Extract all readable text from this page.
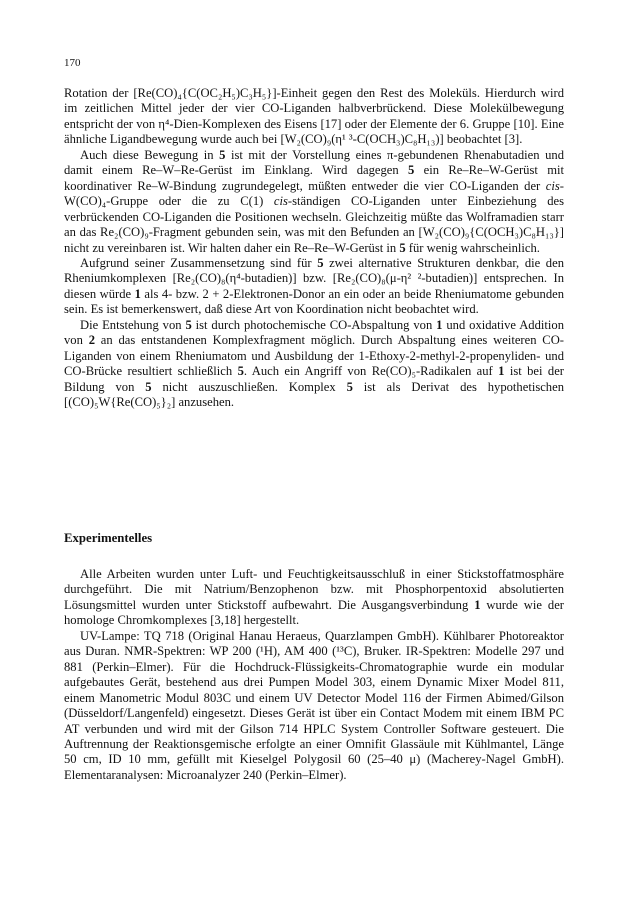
170

Rotation der [Re(CO)₄{C(OC₂H₅)C₃H₅}]-Einheit gegen den Rest des Moleküls. Hierdurch wird im zeitlichen Mittel jeder der vier CO-Liganden halbverbrückend. Diese Molekülbewegung entspricht der von η⁴-Dien-Komplexen des Eisens [17] oder der Elemente der 6. Gruppe [10]. Eine ähnliche Ligandbewegung wurde auch bei [W₂(CO)₉(η¹ ³-C(OCH₃)C₈H₁₃)] beobachtet [3].

Auch diese Bewegung in 5 ist mit der Vorstellung eines π-gebundenen Rhenabutadien und damit einem Re–W–Re-Gerüst im Einklang. Wird dagegen 5 ein Re–Re–W-Gerüst mit koordinativer Re–W-Bindung zugrundegelegt, müßten entweder die vier CO-Liganden der cis-W(CO)₄-Gruppe oder die zu C(1) cis-ständigen CO-Liganden unter Einbeziehung des verbrückenden CO-Liganden die Positionen wechseln. Gleichzeitig müßte das Wolframadien starr an das Re₂(CO)₉-Fragment gebunden sein, was mit den Befunden an [W₂(CO)₉{C(OCH₃)C₈H₁₃}] nicht zu vereinbaren ist. Wir halten daher ein Re–Re–W-Gerüst in 5 für wenig wahrscheinlich.

Aufgrund seiner Zusammensetzung sind für 5 zwei alternative Strukturen denkbar, die den Rheniumkomplexen [Re₂(CO)₈(η⁴-butadien)] bzw. [Re₂(CO)₈(μ-η² ²-butadien)] entsprechen. In diesen würde 1 als 4- bzw. 2 + 2-Elektronen-Donor an ein oder an beide Rheniumatome gebunden sein. Es ist bemerkenswert, daß diese Art von Koordination nicht beobachtet wird.

Die Entstehung von 5 ist durch photochemische CO-Abspaltung von 1 und oxidative Addition von 2 an das entstandenen Komplexfragment möglich. Durch Abspaltung eines weiteren CO-Liganden von einem Rheniumatom und Ausbildung der 1-Ethoxy-2-methyl-2-propenyliden- und CO-Brücke resultiert schließlich 5. Auch ein Angriff von Re(CO)₅-Radikalen auf 1 ist bei der Bildung von 5 nicht auszuschließen. Komplex 5 ist als Derivat des hypothetischen [(CO)₅W{Re(CO)₅}₂] anzusehen.

Experimentelles

Alle Arbeiten wurden unter Luft- und Feuchtigkeitsausschluß in einer Stickstoffatmosphäre durchgeführt. Die mit Natrium/Benzophenon bzw. mit Phosphorpentoxid absolutierten Lösungsmittel wurden unter Stickstoff aufbewahrt. Die Ausgangsverbindung 1 wurde wie der homologe Chromkomplexes [3,18] hergestellt.

UV-Lampe: TQ 718 (Original Hanau Heraeus, Quarzlampen GmbH). Kühlbarer Photoreaktor aus Duran. NMR-Spektren: WP 200 (¹H), AM 400 (¹³C), Bruker. IR-Spektren: Modelle 297 und 881 (Perkin–Elmer). Für die Hochdruck-Flüssigkeits-Chromatographie wurde ein modular aufgebautes Gerät, bestehend aus drei Pumpen Model 303, einem Dynamic Mixer Model 811, einem Manometric Modul 803C und einem UV Detector Model 116 der Firmen Abimed/Gilson (Düsseldorf/Langenfeld) eingesetzt. Dieses Gerät ist über ein Contact Modem mit einem IBM PC AT verbunden und wird mit der Gilson 714 HPLC System Controller Software gesteuert. Die Auftrennung der Reaktionsgemische erfolgte an einer Omnifit Glassäule mit Kühlmantel, Länge 50 cm, ID 10 mm, gefüllt mit Kieselgel Polygosil 60 (25–40 μ) (Macherey-Nagel GmbH). Elementaranalysen: Microanalyzer 240 (Perkin–Elmer).
